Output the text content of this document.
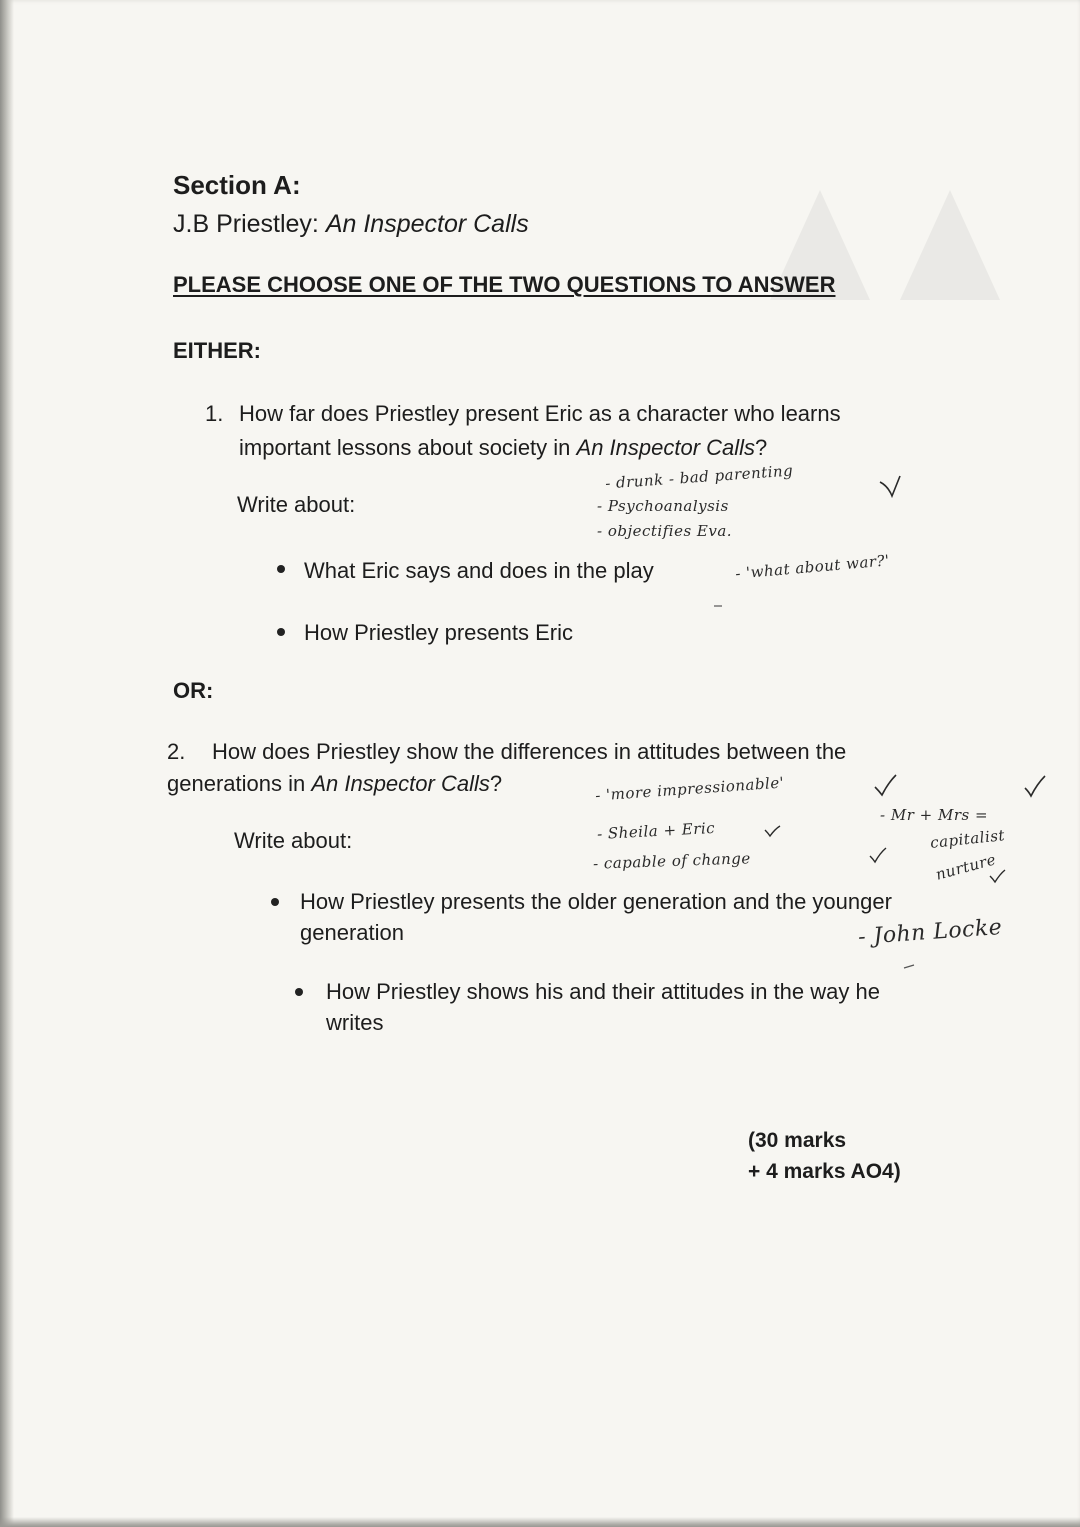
Section A:
J.B Priestley: An Inspector Calls
PLEASE CHOOSE ONE OF THE TWO QUESTIONS TO ANSWER
EITHER:
1. How far does Priestley present Eric as a character who learns
important lessons about society in An Inspector Calls?
Write about:
What Eric says and does in the play
How Priestley presents Eric
OR:
2. How does Priestley show the differences in attitudes between the
generations in An Inspector Calls?
Write about:
How Priestley presents the older generation and the younger
generation
How Priestley shows his and their attitudes in the way he
writes
(30 marks
+ 4 marks AO4)
- drunk - bad parenting
- Psychoanalysis
- objectifies Eva.
- 'what about war?'
- 'more impressionable'
- Sheila + Eric
- capable of change
- Mr + Mrs =
capitalist
nurture
- John Locke
